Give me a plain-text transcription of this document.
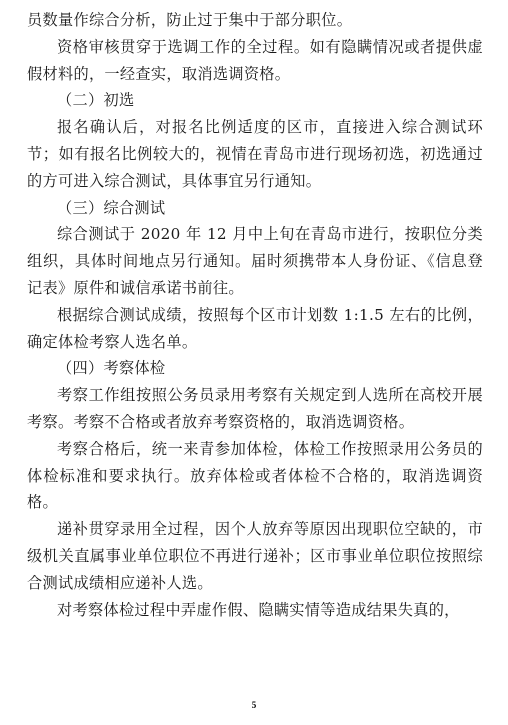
员数量作综合分析，防止过于集中于部分职位。

资格审核贯穿于选调工作的全过程。如有隐瞒情况或者提供虚假材料的，一经查实，取消选调资格。

（二）初选

报名确认后，对报名比例适度的区市，直接进入综合测试环节；如有报名比例较大的，视情在青岛市进行现场初选，初选通过的方可进入综合测试，具体事宜另行通知。

（三）综合测试

综合测试于 2020 年 12 月中上旬在青岛市进行，按职位分类组织，具体时间地点另行通知。届时须携带本人身份证、《信息登记表》原件和诚信承诺书前往。

根据综合测试成绩，按照每个区市计划数 1:1.5 左右的比例，确定体检考察人选名单。

（四）考察体检

考察工作组按照公务员录用考察有关规定到人选所在高校开展考察。考察不合格或者放弃考察资格的，取消选调资格。

考察合格后，统一来青参加体检，体检工作按照录用公务员的体检标准和要求执行。放弃体检或者体检不合格的，取消选调资格。

递补贯穿录用全过程，因个人放弃等原因出现职位空缺的，市级机关直属事业单位职位不再进行递补；区市事业单位职位按照综合测试成绩相应递补人选。

对考察体检过程中弄虚作假、隐瞒实情等造成结果失真的，

5
